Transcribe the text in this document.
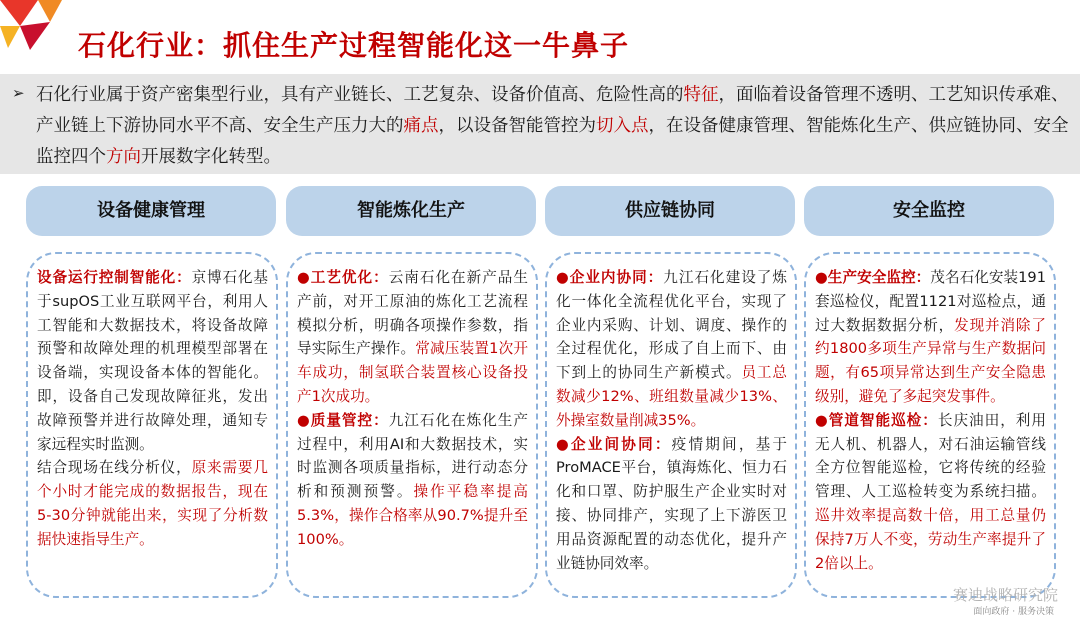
石化行业：抓住生产过程智能化这一牛鼻子
➢ 石化行业属于资产密集型行业，具有产业链长、工艺复杂、设备价值高、危险性高的特征，面临着设备管理不透明、工艺知识传承难、产业链上下游协同水平不高、安全生产压力大的痛点，以设备智能管控为切入点，在设备健康管理、智能炼化生产、供应链协同、安全监控四个方向开展数字化转型。

设备健康管理
设备运行控制智能化：京博石化基于supOS工业互联网平台，利用人工智能和大数据技术，将设备故障预警和故障处理的机理模型部署在设备端，实现设备本体的智能化。即，设备自己发现故障征兆，发出故障预警并进行故障处理，通知专家远程实时监测。
结合现场在线分析仪，原来需要几个小时才能完成的数据报告，现在5-30分钟就能出来，实现了分析数据快速指导生产。
智能炼化生产
●工艺优化：云南石化在新产品生产前，对开工原油的炼化工艺流程模拟分析，明确各项操作参数，指导实际生产操作。常减压装置1次开车成功，制氢联合装置核心设备投产1次成功。
●质量管控：九江石化在炼化生产过程中，利用AI和大数据技术，实时监测各项质量指标，进行动态分析和预测预警。操作平稳率提高5.3%，操作合格率从90.7%提升至100%。
供应链协同
●企业内协同：九江石化建设了炼化一体化全流程优化平台，实现了企业内采购、计划、调度、操作的全过程优化，形成了自上而下、由下到上的协同生产新模式。员工总数减少12%、班组数量减少13%、外操室数量削减35%。
●企业间协同：疫情期间，基于ProMACE平台，镇海炼化、恒力石化和口罩、防护服生产企业实时对接、协同排产，实现了上下游医卫用品资源配置的动态优化，提升产业链协同效率。
安全监控
●生产安全监控：茂名石化安装191套巡检仪，配置1121对巡检点，通过大数据数据分析，发现并消除了约1800多项生产异常与生产数据问题，有65项异常达到生产安全隐患级别，避免了多起突发事件。
●管道智能巡检：长庆油田，利用无人机、机器人，对石油运输管线全方位智能巡检，它将传统的经验管理、人工巡检转变为系统扫描。巡井效率提高数十倍，用工总量仍保持7万人不变，劳动生产率提升了2倍以上。
赛迪战略研究院
面向政府 · 服务决策
